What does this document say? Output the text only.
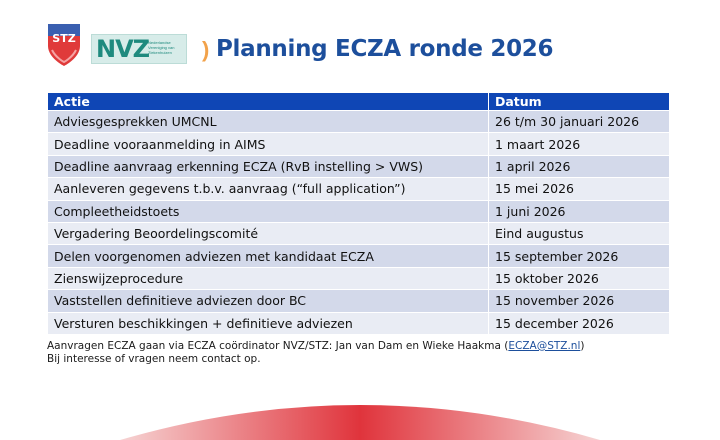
STZ NVZ
Nederlandse Vereniging van Ziekenhuizen	) Planning ECZA ronde 2026
Actie	Datum
Adviesgesprekken UMCNL	26 t/m 30 januari 2026
Deadline vooraanmelding in AIMS	1 maart 2026
Deadline aanvraag erkenning ECZA (RvB instelling > VWS)	1 april 2026
Aanleveren gegevens t.b.v. aanvraag (“full application”)	15 mei 2026
Compleetheidstoets	1 juni 2026
Vergadering Beoordelingscomité	Eind augustus
Delen voorgenomen adviezen met kandidaat ECZA	15 september 2026
Zienswijzeprocedure	15 oktober 2026
Vaststellen definitieve adviezen door BC	15 november 2026
Versturen beschikkingen + definitieve adviezen	15 december 2026
Aanvragen ECZA gaan via ECZA coördinator NVZ/STZ: Jan van Dam en Wieke Haakma (ECZA@STZ.nl)
Bij interesse of vragen neem contact op.
Samen de transformatie versnellen
